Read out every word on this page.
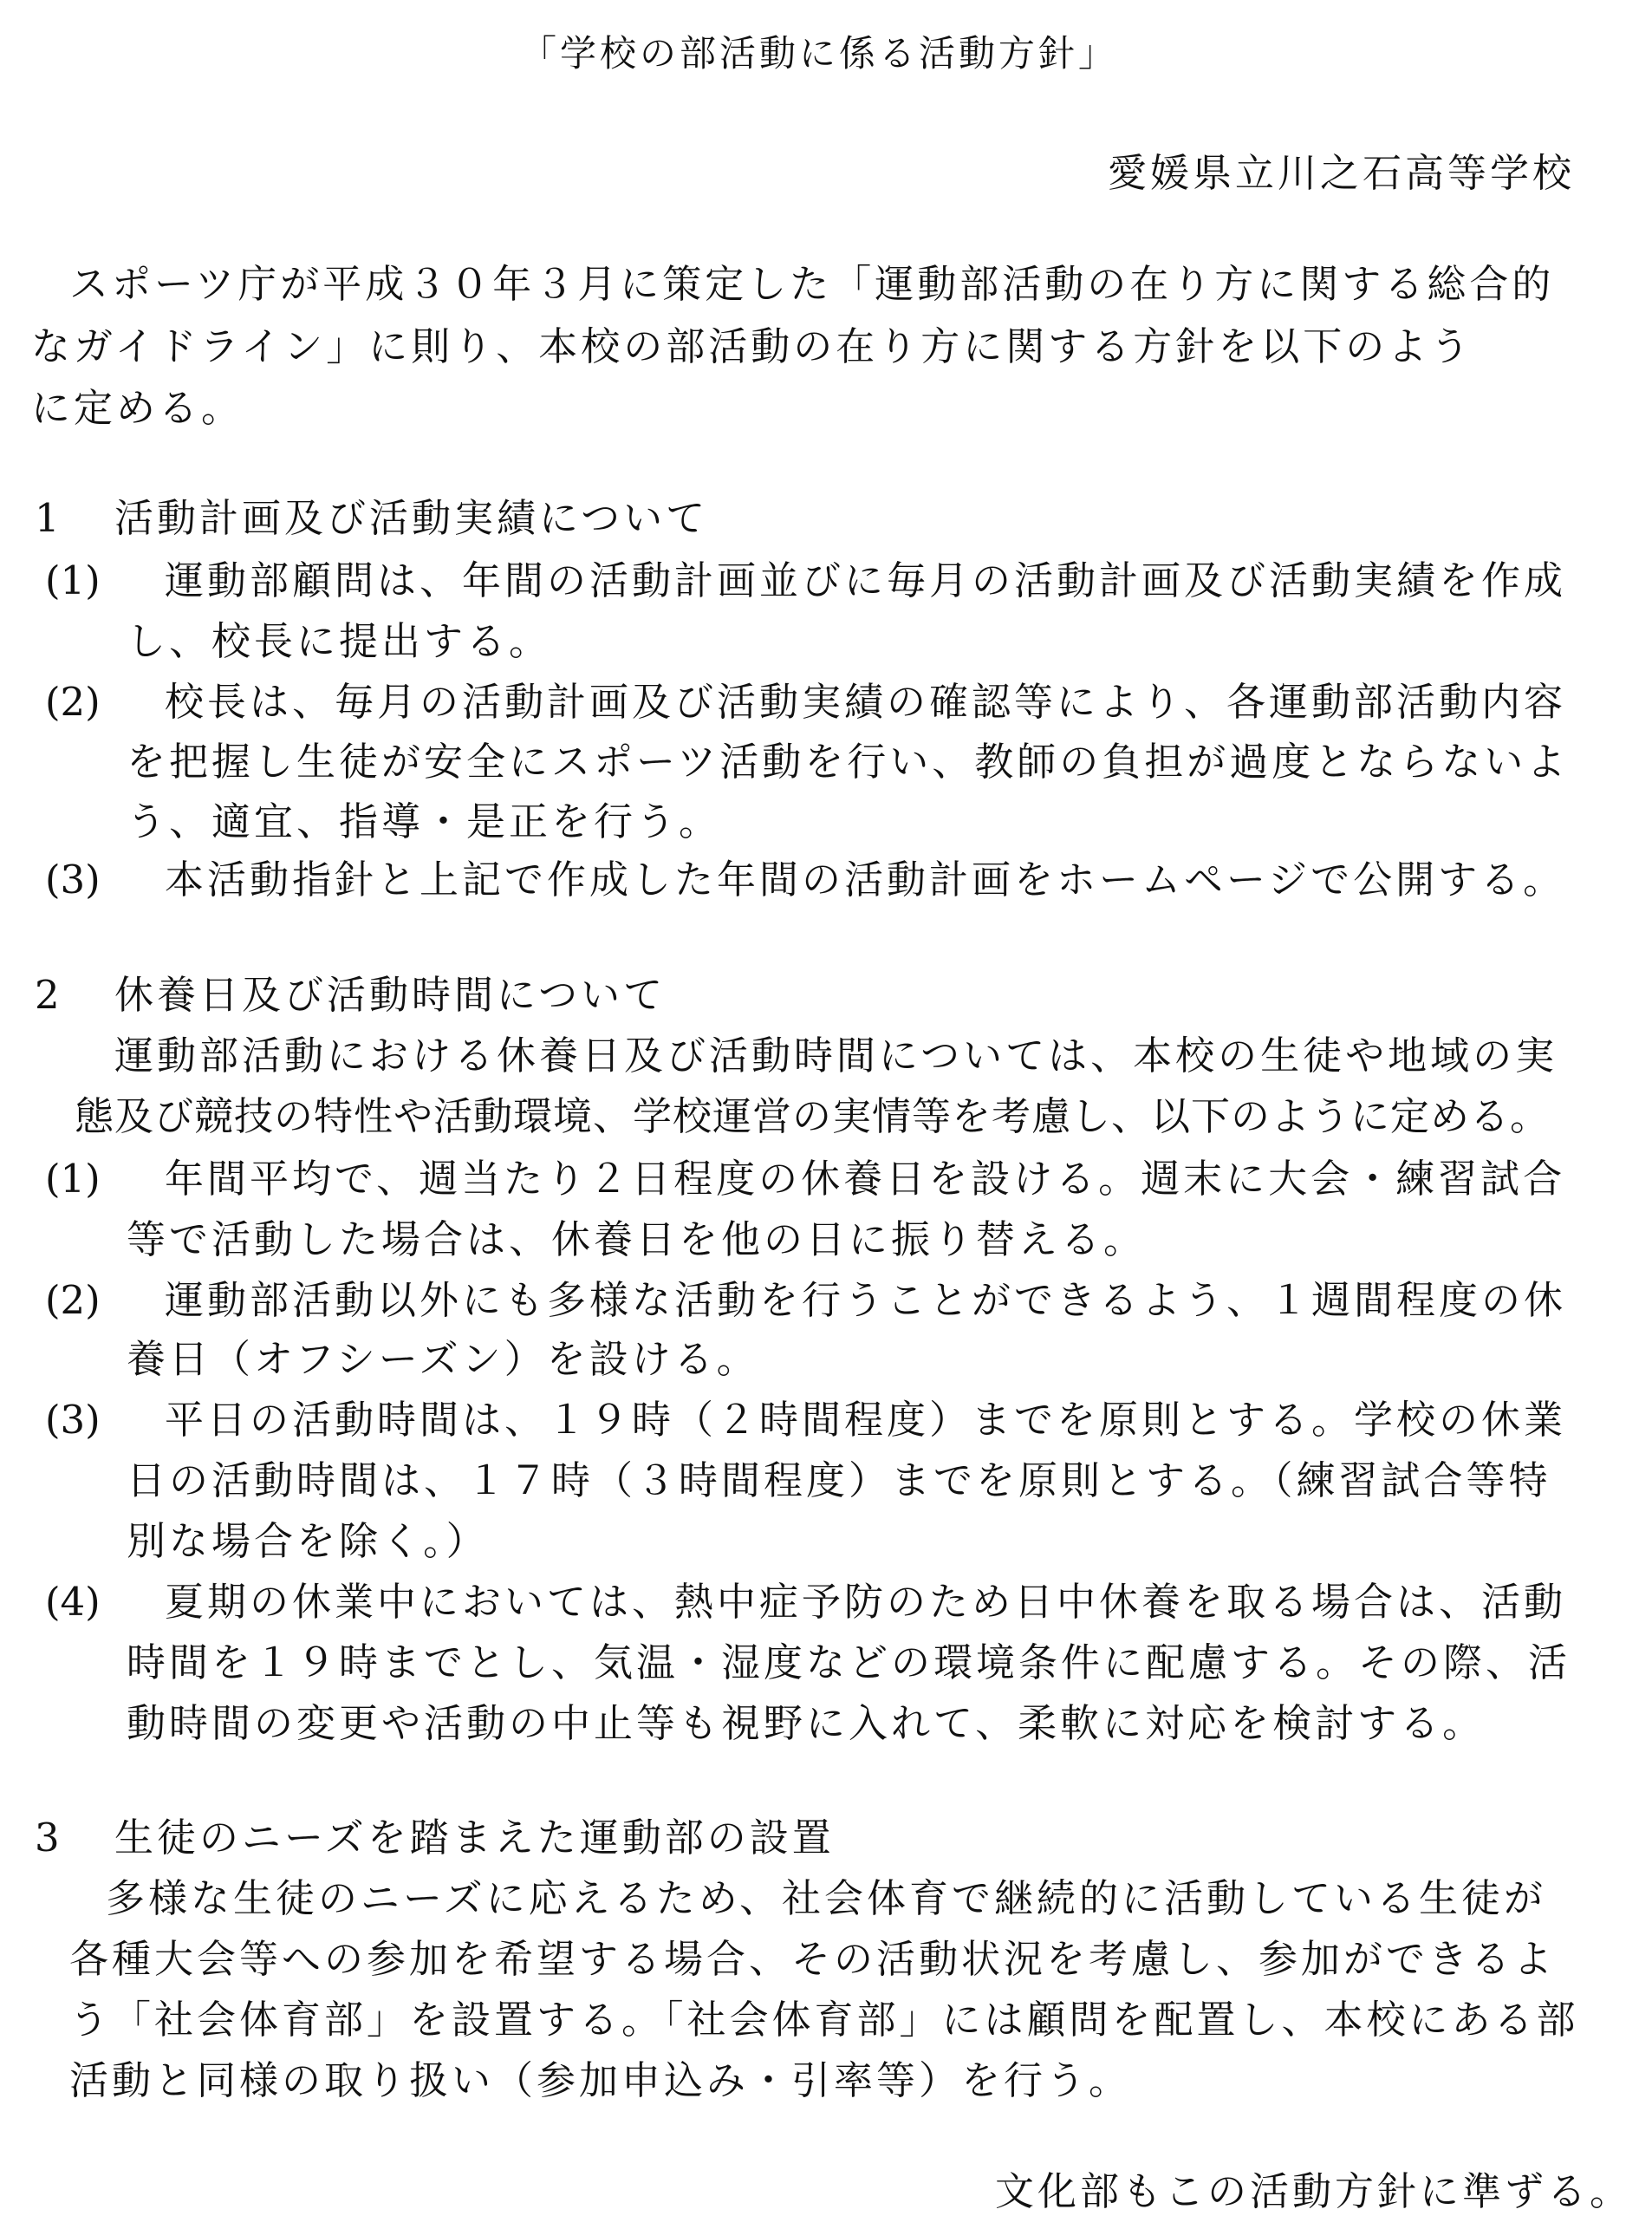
「学校の部活動に係る活動方針」
愛媛県立川之石高等学校
スポーツ庁が平成３０年３月に策定した「運動部活動の在り方に関する総合的
なガイドライン」に則り、本校の部活動の在り方に関する方針を以下のよう
に定める。
1 活動計画及び活動実績について
(1) 運動部顧問は、年間の活動計画並びに毎月の活動計画及び活動実績を作成
し、校長に提出する。
(2) 校長は、毎月の活動計画及び活動実績の確認等により、各運動部活動内容
を把握し生徒が安全にスポーツ活動を行い、教師の負担が過度とならないよ
う、適宜、指導・是正を行う。
(3) 本活動指針と上記で作成した年間の活動計画をホームページで公開する。
2 休養日及び活動時間について
運動部活動における休養日及び活動時間については、本校の生徒や地域の実
態及び競技の特性や活動環境、学校運営の実情等を考慮し、以下のように定める。
(1) 年間平均で、週当たり２日程度の休養日を設ける。週末に大会・練習試合
等で活動した場合は、休養日を他の日に振り替える。
(2) 運動部活動以外にも多様な活動を行うことができるよう、１週間程度の休
養日（オフシーズン）を設ける。
(3) 平日の活動時間は、１９時（２時間程度）までを原則とする。学校の休業
日の活動時間は、１７時（３時間程度）までを原則とする。（練習試合等特
別な場合を除く。）
(4) 夏期の休業中においては、熱中症予防のため日中休養を取る場合は、活動
時間を１９時までとし、気温・湿度などの環境条件に配慮する。その際、活
動時間の変更や活動の中止等も視野に入れて、柔軟に対応を検討する。
3 生徒のニーズを踏まえた運動部の設置
多様な生徒のニーズに応えるため、社会体育で継続的に活動している生徒が
各種大会等への参加を希望する場合、その活動状況を考慮し、参加ができるよ
う「社会体育部」を設置する。「社会体育部」には顧問を配置し、本校にある部
活動と同様の取り扱い（参加申込み・引率等）を行う。
文化部もこの活動方針に準ずる。
